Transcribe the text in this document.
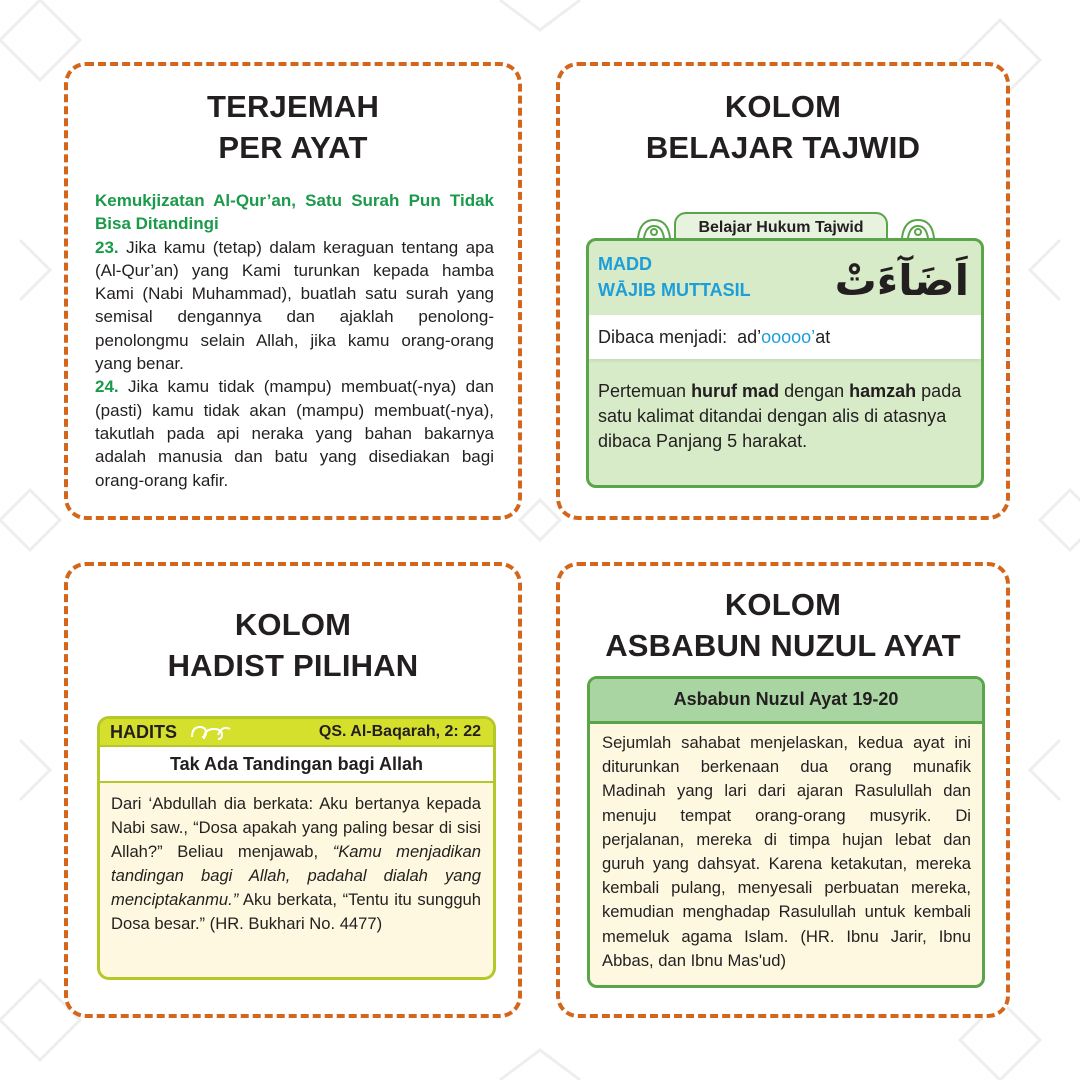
TERJEMAH
PER AYAT

Kemukjizatan Al-Qur’an, Satu Surah Pun Tidak Bisa Ditandingi

23. Jika kamu (tetap) dalam keraguan tentang apa (Al-Qur’an) yang Kami turunkan kepada hamba Kami (Nabi Muhammad), buatlah satu surah yang semisal dengannya dan ajaklah penolong-penolongmu selain Allah, jika kamu orang-orang yang benar.

24. Jika kamu tidak (mampu) membuat(-nya) dan (pasti) kamu tidak akan (mampu) membuat(-nya), takutlah pada api neraka yang bahan bakarnya adalah manusia dan batu yang disediakan bagi orang-orang kafir.

KOLOM
BELAJAR TAJWID
Belajar Hukum Tajwid
MADD
WĀJIB MUTTASIL اَضَآءَتْ
Dibaca menjadi: ad’ooooo’at
Pertemuan huruf mad dengan hamzah pada satu kalimat ditandai dengan alis di atasnya dibaca Panjang 5 harakat.
KOLOM
HADIST PILIHAN
HADITS	QS. Al-Baqarah, 2: 22
Tak Ada Tandingan bagi Allah
Dari ‘Abdullah dia berkata: Aku bertanya kepada Nabi saw., “Dosa apakah yang paling besar di sisi Allah?” Beliau menjawab, “Kamu menjadikan tandingan bagi Allah, padahal dialah yang menciptakanmu.” Aku berkata, “Tentu itu sungguh Dosa besar.” (HR. Bukhari No. 4477)
KOLOM
ASBABUN NUZUL AYAT
Asbabun Nuzul Ayat 19-20
Sejumlah sahabat menjelaskan, kedua ayat ini diturunkan berkenaan dua orang munafik Madinah yang lari dari ajaran Rasulullah dan menuju tempat orang-orang musyrik. Di perjalanan, mereka di timpa hujan lebat dan guruh yang dahsyat. Karena ketakutan, mereka kembali pulang, menyesali perbuatan mereka, kemudian menghadap Rasulullah untuk kembali memeluk agama Islam. (HR. Ibnu Jarir, Ibnu Abbas, dan Ibnu Mas'ud)
